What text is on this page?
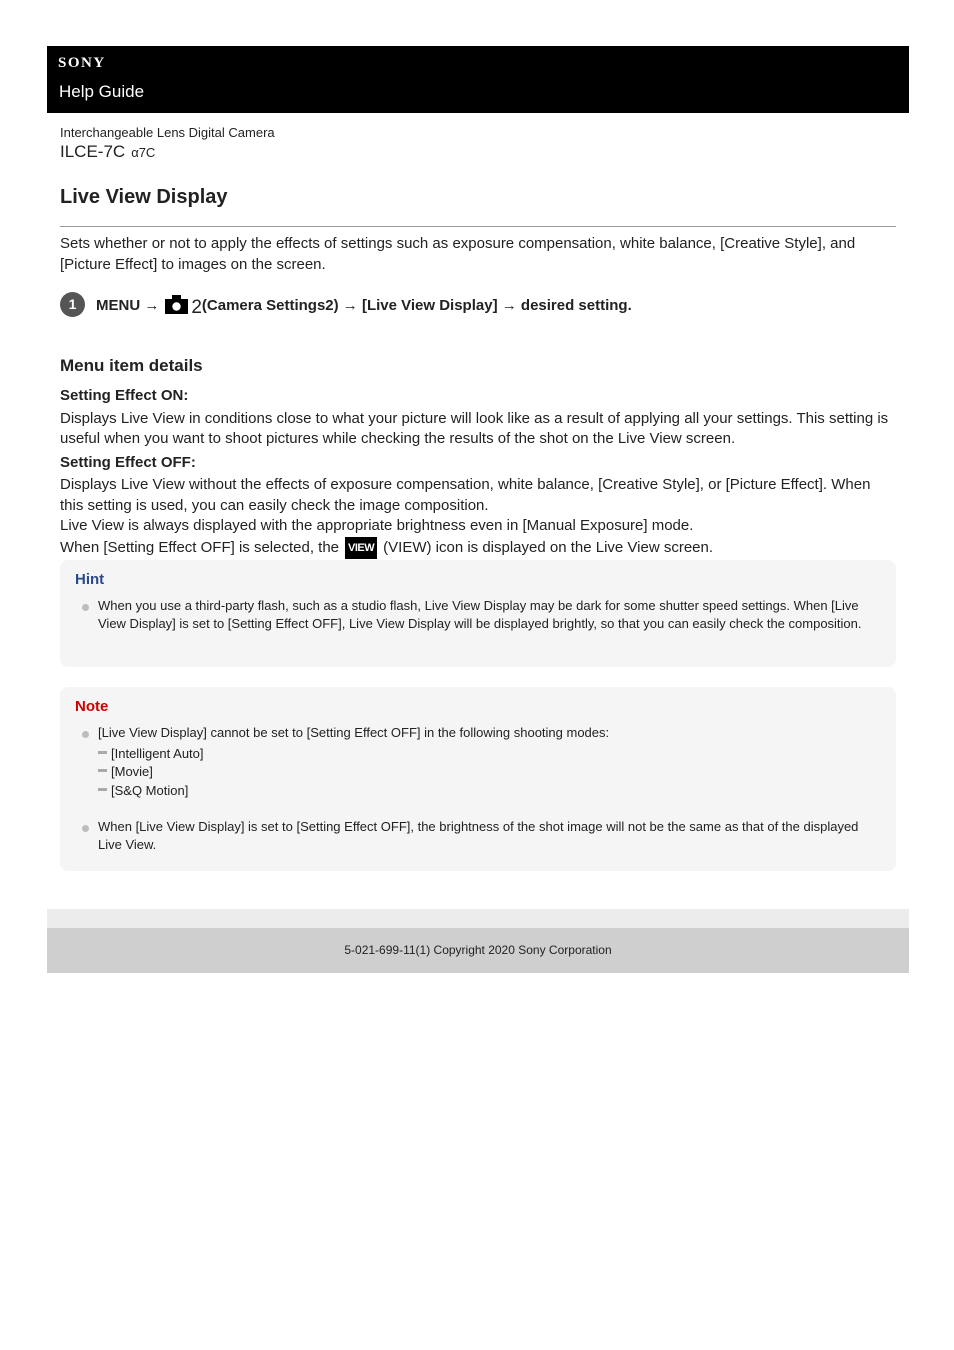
SONY
Help Guide
Interchangeable Lens Digital Camera
ILCE-7C α7C
Live View Display
Sets whether or not to apply the effects of settings such as exposure compensation, white balance, [Creative Style], and [Picture Effect] to images on the screen.
1	MENU → 2(Camera Settings2) → [Live View Display] → desired setting.
Menu item details

Setting Effect ON:

Displays Live View in conditions close to what your picture will look like as a result of applying all your settings. This setting is useful when you want to shoot pictures while checking the results of the shot on the Live View screen.

Setting Effect OFF:

Displays Live View without the effects of exposure compensation, white balance, [Creative Style], or [Picture Effect]. When this setting is used, you can easily check the image composition.
Live View is always displayed with the appropriate brightness even in [Manual Exposure] mode.
When [Setting Effect OFF] is selected, the VIEW (VIEW) icon is displayed on the Live View screen.

Hint
When you use a third-party flash, such as a studio flash, Live View Display may be dark for some shutter speed settings. When [Live View Display] is set to [Setting Effect OFF], Live View Display will be displayed brightly, so that you can easily check the composition.
Note
[Live View Display] cannot be set to [Setting Effect OFF] in the following shooting modes:
[Intelligent Auto]
[Movie]
[S&Q Motion]
When [Live View Display] is set to [Setting Effect OFF], the brightness of the shot image will not be the same as that of the displayed Live View.
5-021-699-11(1) Copyright 2020 Sony Corporation
